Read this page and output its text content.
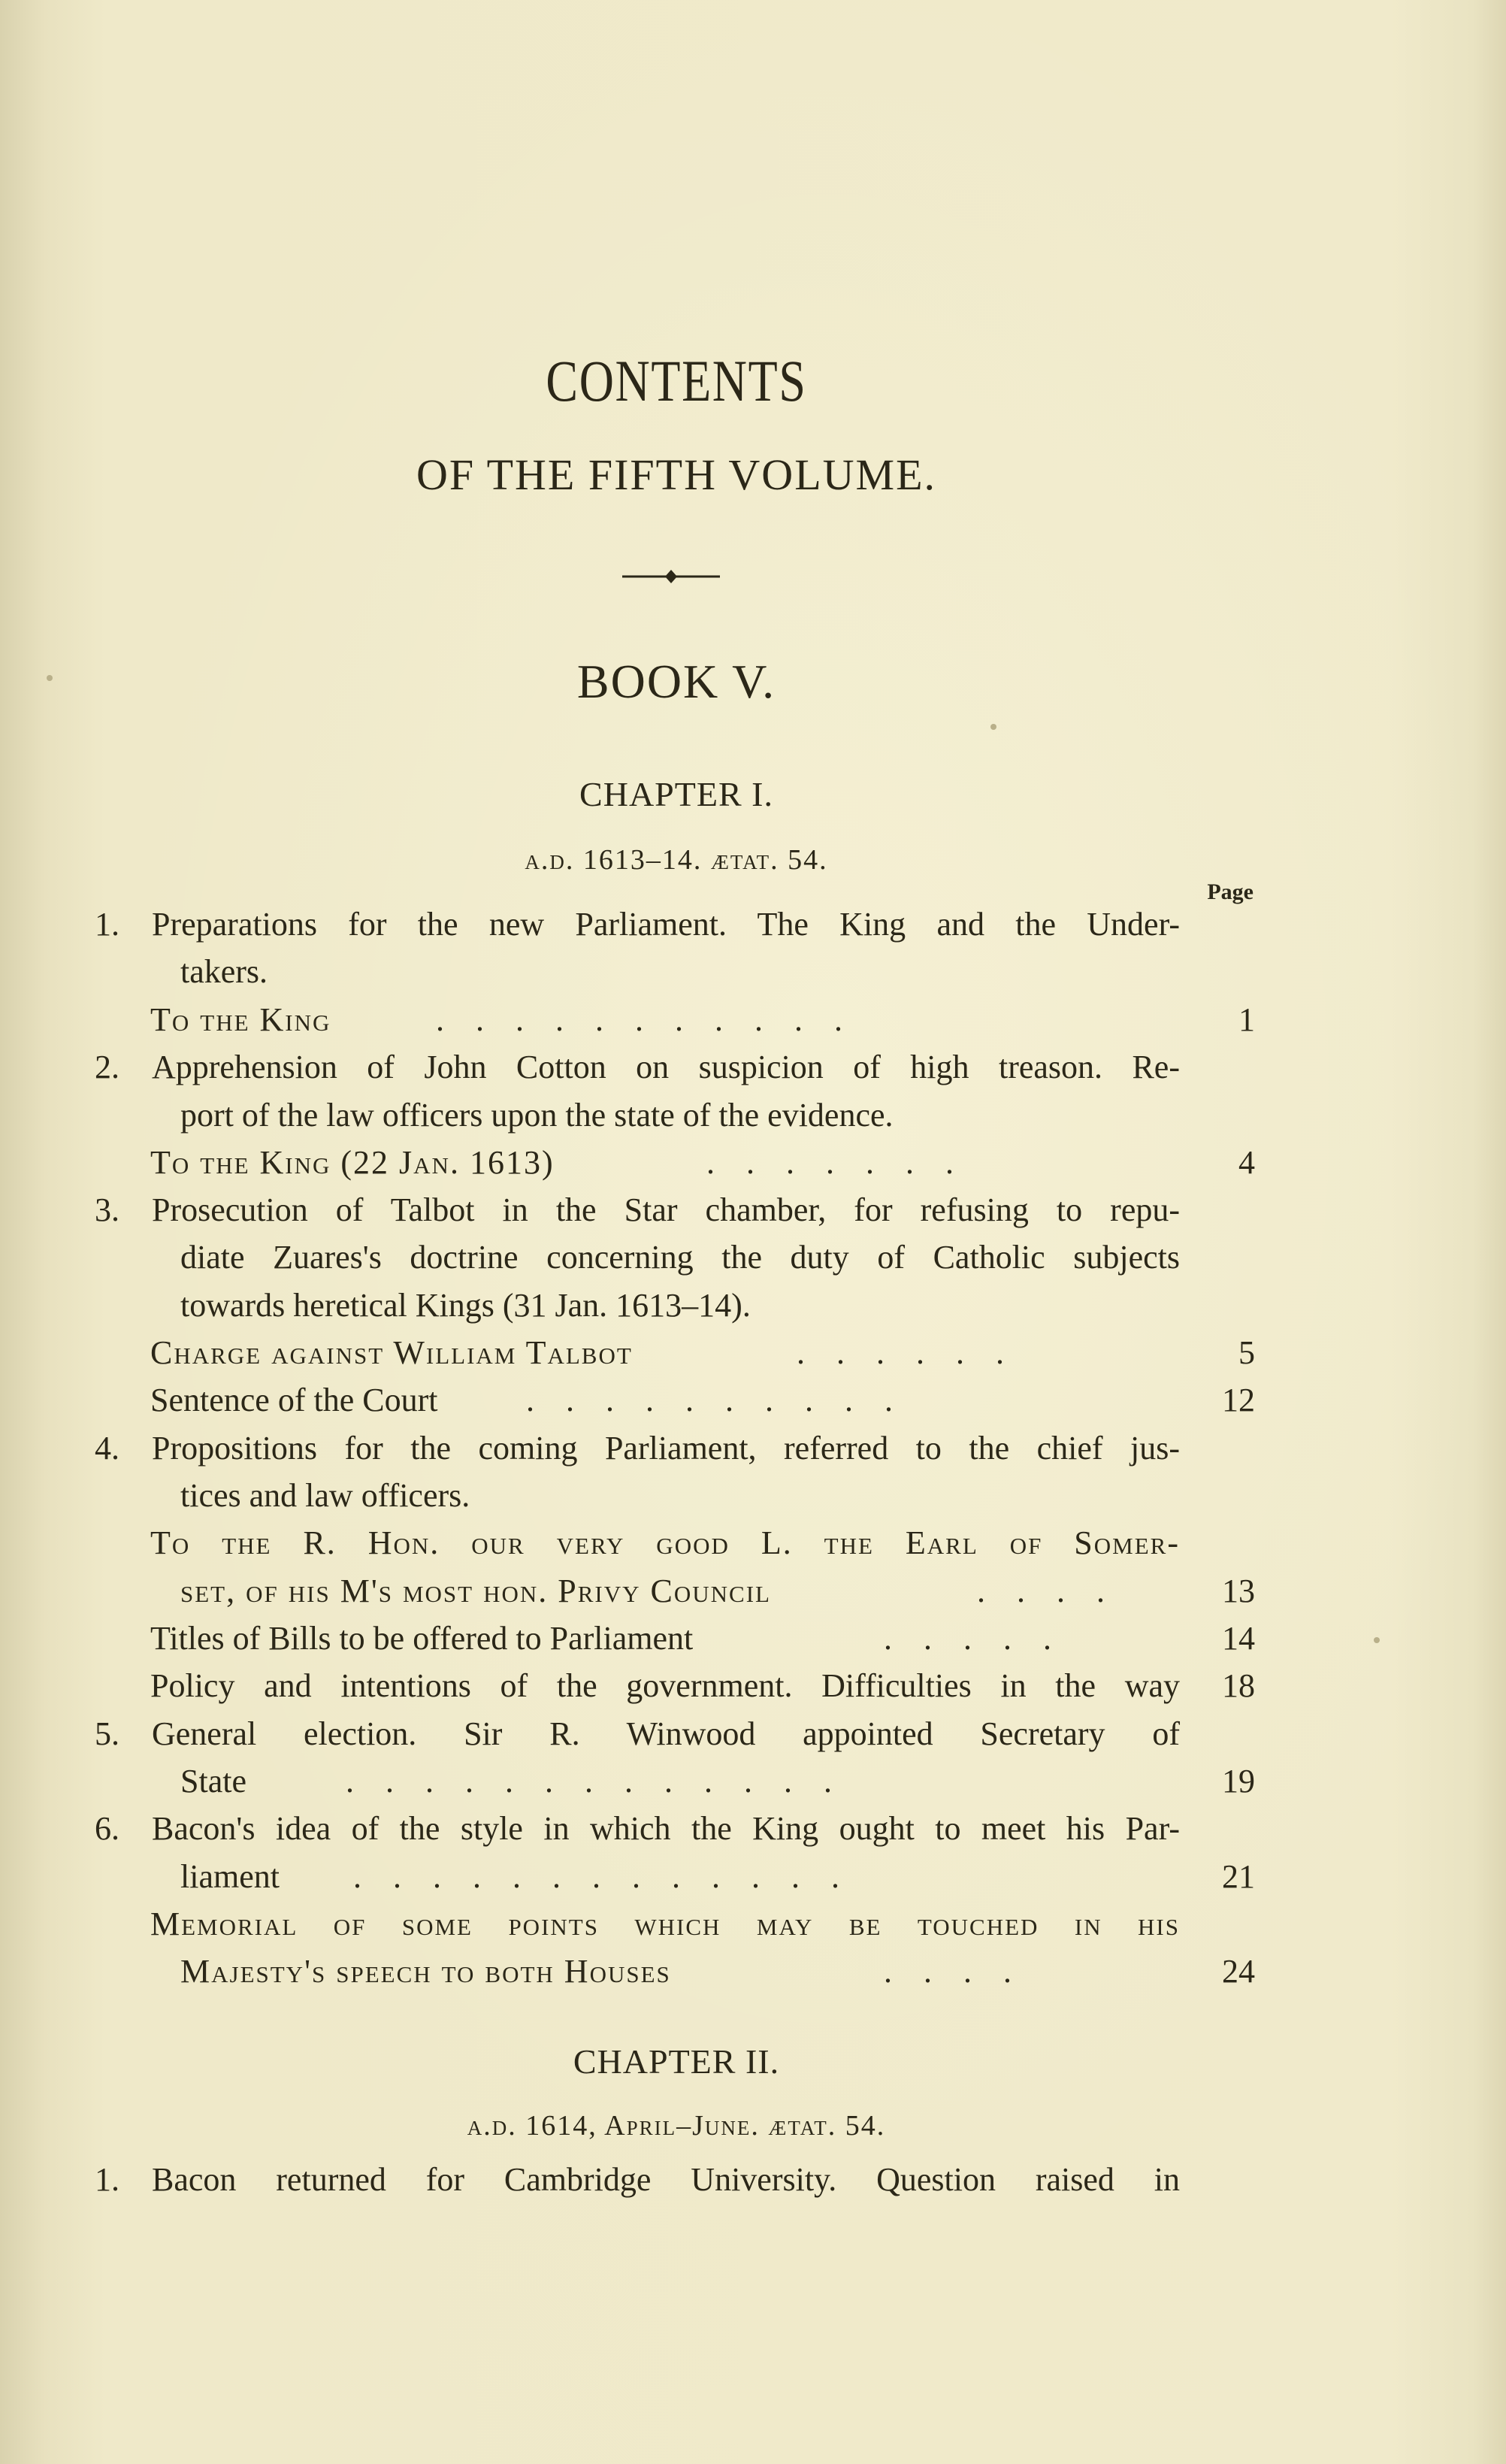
CONTENTS
OF THE FIFTH VOLUME.
BOOK V.
CHAPTER I.
a.d. 1613–14. ætat. 54.
Page
1. Preparations for the new Parliament. The King and the Under-
takers.
To the King	...........	1
2. Apprehension of John Cotton on suspicion of high treason. Re-
port of the law officers upon the state of the evidence.
To the King (22 Jan. 1613)	.......	4
3. Prosecution of Talbot in the Star chamber, for refusing to repu-
diate Zuares's doctrine concerning the duty of Catholic subjects
towards heretical Kings (31 Jan. 1613–14).
Charge against William Talbot	......	5
Sentence of the Court	..........	12
4. Propositions for the coming Parliament, referred to the chief jus-
tices and law officers.
To the R. Hon. our very good L. the Earl of Somer-
set, of his M's most hon. Privy Council	....	13
Titles of Bills to be offered to Parliament	.....	14
Policy and intentions of the government. Difficulties in the way	18
5. General election. Sir R. Winwood appointed Secretary of
State	.............	19
6. Bacon's idea of the style in which the King ought to meet his Par-
liament .............	21
Memorial of some points which may be touched in his
Majesty's speech to both Houses	....	24
CHAPTER II.
a.d. 1614, April–June. ætat. 54.
1. Bacon returned for Cambridge University. Question raised in
